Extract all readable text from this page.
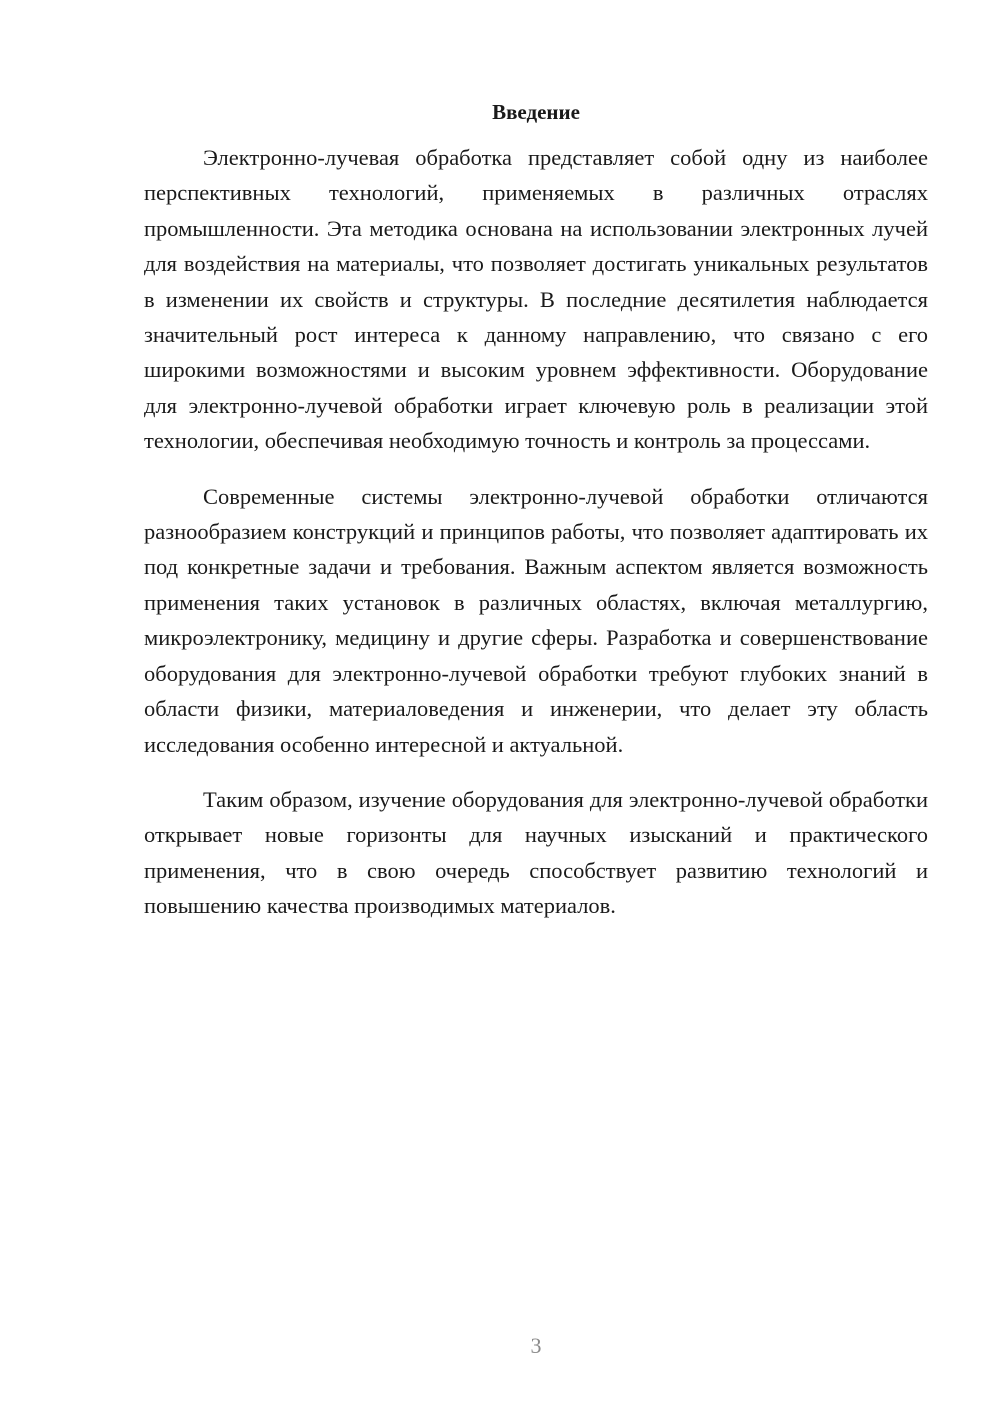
Введение

Электронно-лучевая обработка представляет собой одну из наиболее перспективных технологий, применяемых в различных отраслях промышленности. Эта методика основана на использовании электронных лучей для воздействия на материалы, что позволяет достигать уникальных результатов в изменении их свойств и структуры. В последние десятилетия наблюдается значительный рост интереса к данному направлению, что связано с его широкими возможностями и высоким уровнем эффективности. Оборудование для электронно-лучевой обработки играет ключевую роль в реализации этой технологии, обеспечивая необходимую точность и контроль за процессами.

Современные системы электронно-лучевой обработки отличаются разнообразием конструкций и принципов работы, что позволяет адаптировать их под конкретные задачи и требования. Важным аспектом является возможность применения таких установок в различных областях, включая металлургию, микроэлектронику, медицину и другие сферы. Разработка и совершенствование оборудования для электронно-лучевой обработки требуют глубоких знаний в области физики, материаловедения и инженерии, что делает эту область исследования особенно интересной и актуальной.

Таким образом, изучение оборудования для электронно-лучевой обработки открывает новые горизонты для научных изысканий и практического применения, что в свою очередь способствует развитию технологий и повышению качества производимых материалов.

3
